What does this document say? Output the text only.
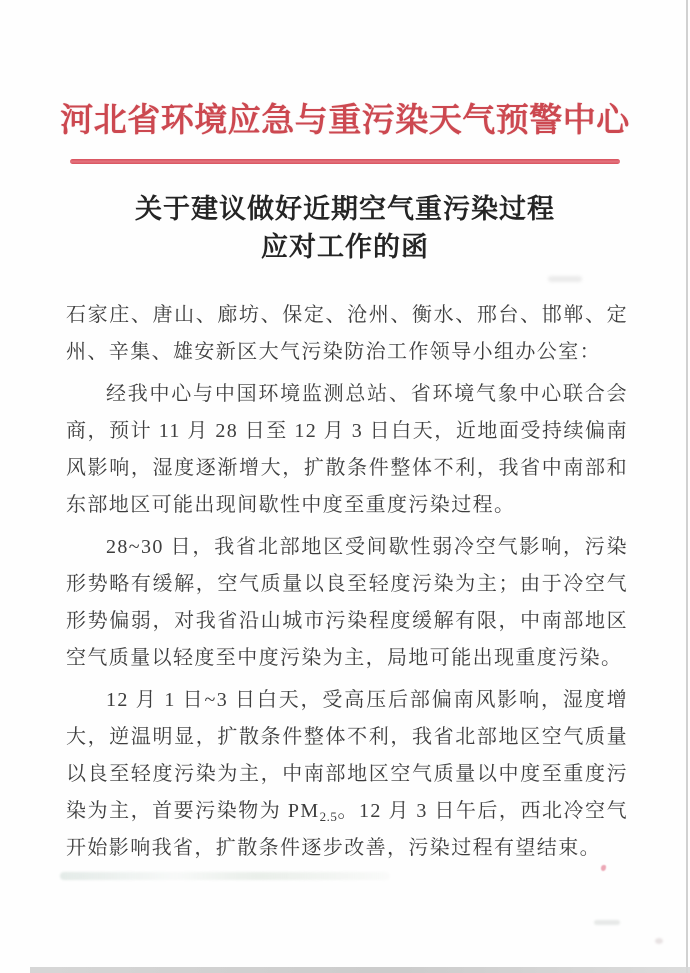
河北省环境应急与重污染天气预警中心
关于建议做好近期空气重污染过程
应对工作的函

石家庄、唐山、廊坊、保定、沧州、衡水、邢台、邯郸、定州、辛集、雄安新区大气污染防治工作领导小组办公室：

经我中心与中国环境监测总站、省环境气象中心联合会商，预计 11 月 28 日至 12 月 3 日白天，近地面受持续偏南风影响，湿度逐渐增大，扩散条件整体不利，我省中南部和东部地区可能出现间歇性中度至重度污染过程。

28~30 日，我省北部地区受间歇性弱冷空气影响，污染形势略有缓解，空气质量以良至轻度污染为主；由于冷空气形势偏弱，对我省沿山城市污染程度缓解有限，中南部地区空气质量以轻度至中度污染为主，局地可能出现重度污染。

12 月 1 日~3 日白天，受高压后部偏南风影响，湿度增大，逆温明显，扩散条件整体不利，我省北部地区空气质量以良至轻度污染为主，中南部地区空气质量以中度至重度污染为主，首要污染物为 $PM_{2.5}$。12 月 3 日午后，西北冷空气开始影响我省，扩散条件逐步改善，污染过程有望结束。
